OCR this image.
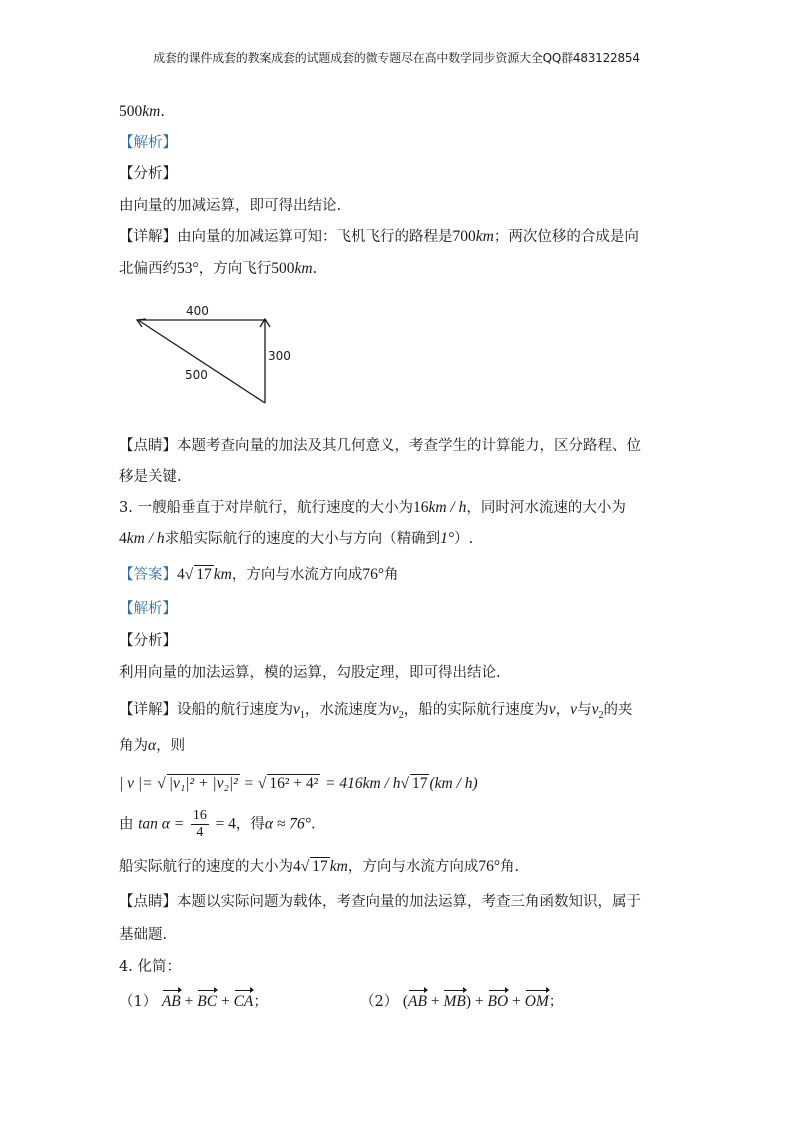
成套的课件成套的教案成套的试题成套的微专题尽在高中数学同步资源大全QQ群483122854
500km.
【解析】
【分析】
由向量的加减运算，即可得出结论.
【详解】由向量的加减运算可知：飞机飞行的路程是700km；两次位移的合成是向
北偏西约53°，方向飞行500km.
400
300
500
【点睛】本题考查向量的加法及其几何意义，考查学生的计算能力，区分路程、位
移是关键.
3. 一艘船垂直于对岸航行，航行速度的大小为16km / h，同时河水流速的大小为
4km / h求船实际航行的速度的大小与方向（精确到1°）.
【答案】4√ 17 km，方向与水流方向成76°角
【解析】
【分析】
利用向量的加法运算，模的运算，勾股定理，即可得出结论.
【详解】设船的航行速度为$v_1$，水流速度为$v_2$，船的实际航行速度为v，v与$v_2$的夹
角为α，则
| v |= √ |v₁|² + |v₂|² = √ 16² + 4² = 416km / h√ 17 (km / h)
由 $\tan \alpha = \frac{16}{4} = 4$，得α ≈ 76°.
船实际航行的速度的大小为4√ 17 km，方向与水流方向成76°角.
【点睛】本题以实际问题为载体，考查向量的加法运算，考查三角函数知识，属于
基础题.
4. 化简：
（1） AB + BC + CA；	（2） (AB + MB) + BO + OM；
